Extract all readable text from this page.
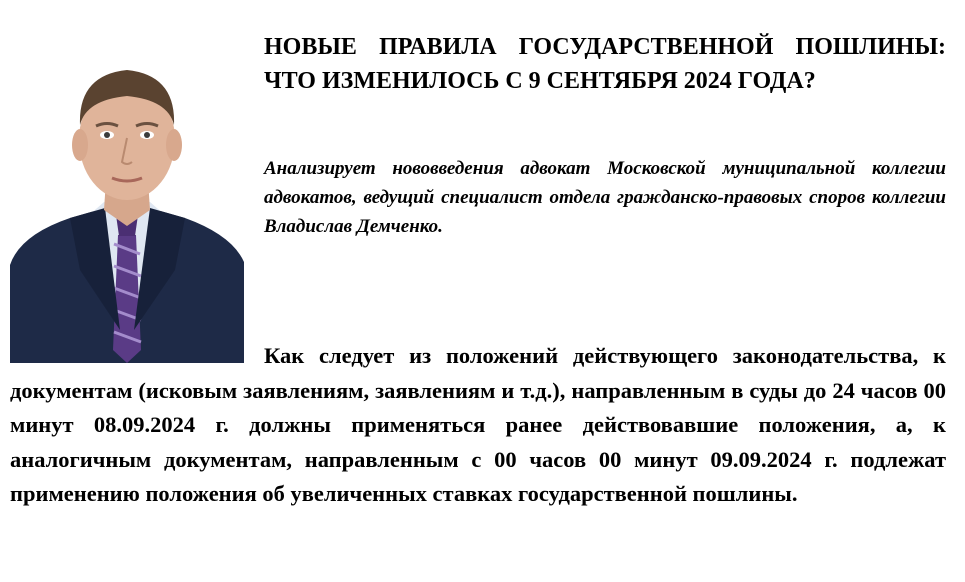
НОВЫЕ ПРАВИЛА ГОСУДАРСТВЕННОЙ ПОШЛИНЫ: ЧТО ИЗМЕНИЛОСЬ С 9 СЕНТЯБРЯ 2024 ГОДА?

Анализирует нововведения адвокат Московской муниципальной коллегии адвокатов, ведущий специалист отдела гражданско-правовых споров коллегии Владислав Демченко.

Как следует из положений действующего законодательства, к документам (исковым заявлениям, заявлениям и т.д.), направленным в суды до 24 часов 00 минут 08.09.2024 г. должны применяться ранее действовавшие положения, а, к аналогичным документам, направленным с 00 часов 00 минут 09.09.2024 г. подлежат применению положения об увеличенных ставках государственной пошлины.
